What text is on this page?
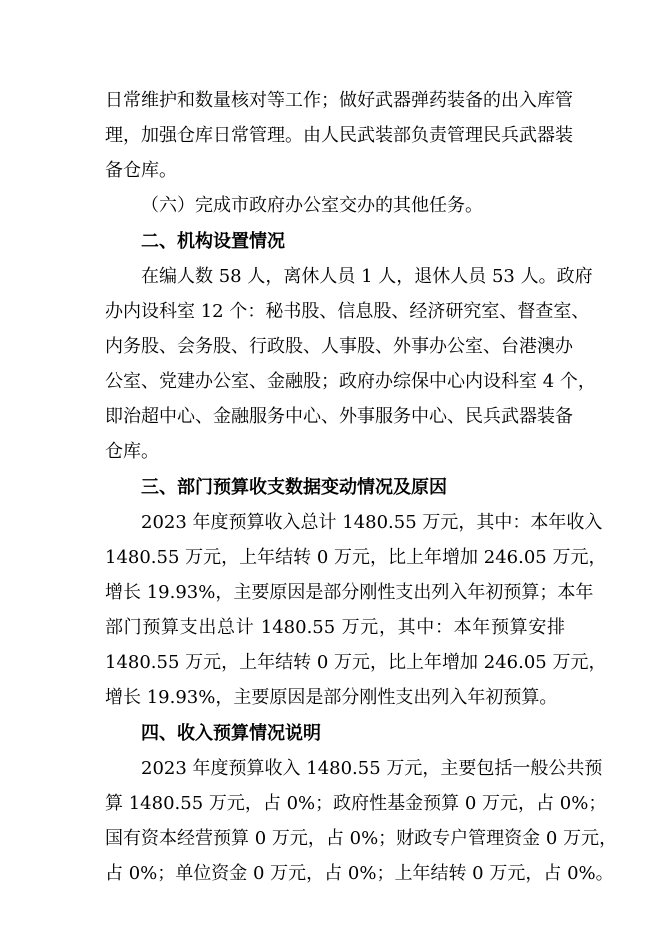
日常维护和数量核对等工作；做好武器弹药装备的出入库管
理，加强仓库日常管理。由人民武装部负责管理民兵武器装
备仓库。
（六）完成市政府办公室交办的其他任务。
二、机构设置情况
在编人数 58 人，离休人员 1 人，退休人员 53 人。政府
办内设科室 12 个：秘书股、信息股、经济研究室、督查室、
内务股、会务股、行政股、人事股、外事办公室、台港澳办
公室、党建办公室、金融股；政府办综保中心内设科室 4 个，
即治超中心、金融服务中心、外事服务中心、民兵武器装备
仓库。
三、部门预算收支数据变动情况及原因
2023 年度预算收入总计 1480.55 万元，其中：本年收入
1480.55 万元，上年结转 0 万元，比上年增加 246.05 万元，
增长 19.93%，主要原因是部分刚性支出列入年初预算；本年
部门预算支出总计 1480.55 万元，其中：本年预算安排
1480.55 万元，上年结转 0 万元，比上年增加 246.05 万元，
增长 19.93%，主要原因是部分刚性支出列入年初预算。
四、收入预算情况说明
2023 年度预算收入 1480.55 万元，主要包括一般公共预
算 1480.55 万元，占 0%；政府性基金预算 0 万元，占 0%；
国有资本经营预算 0 万元，占 0%；财政专户管理资金 0 万元，
占 0%；单位资金 0 万元，占 0%；上年结转 0 万元，占 0%。
